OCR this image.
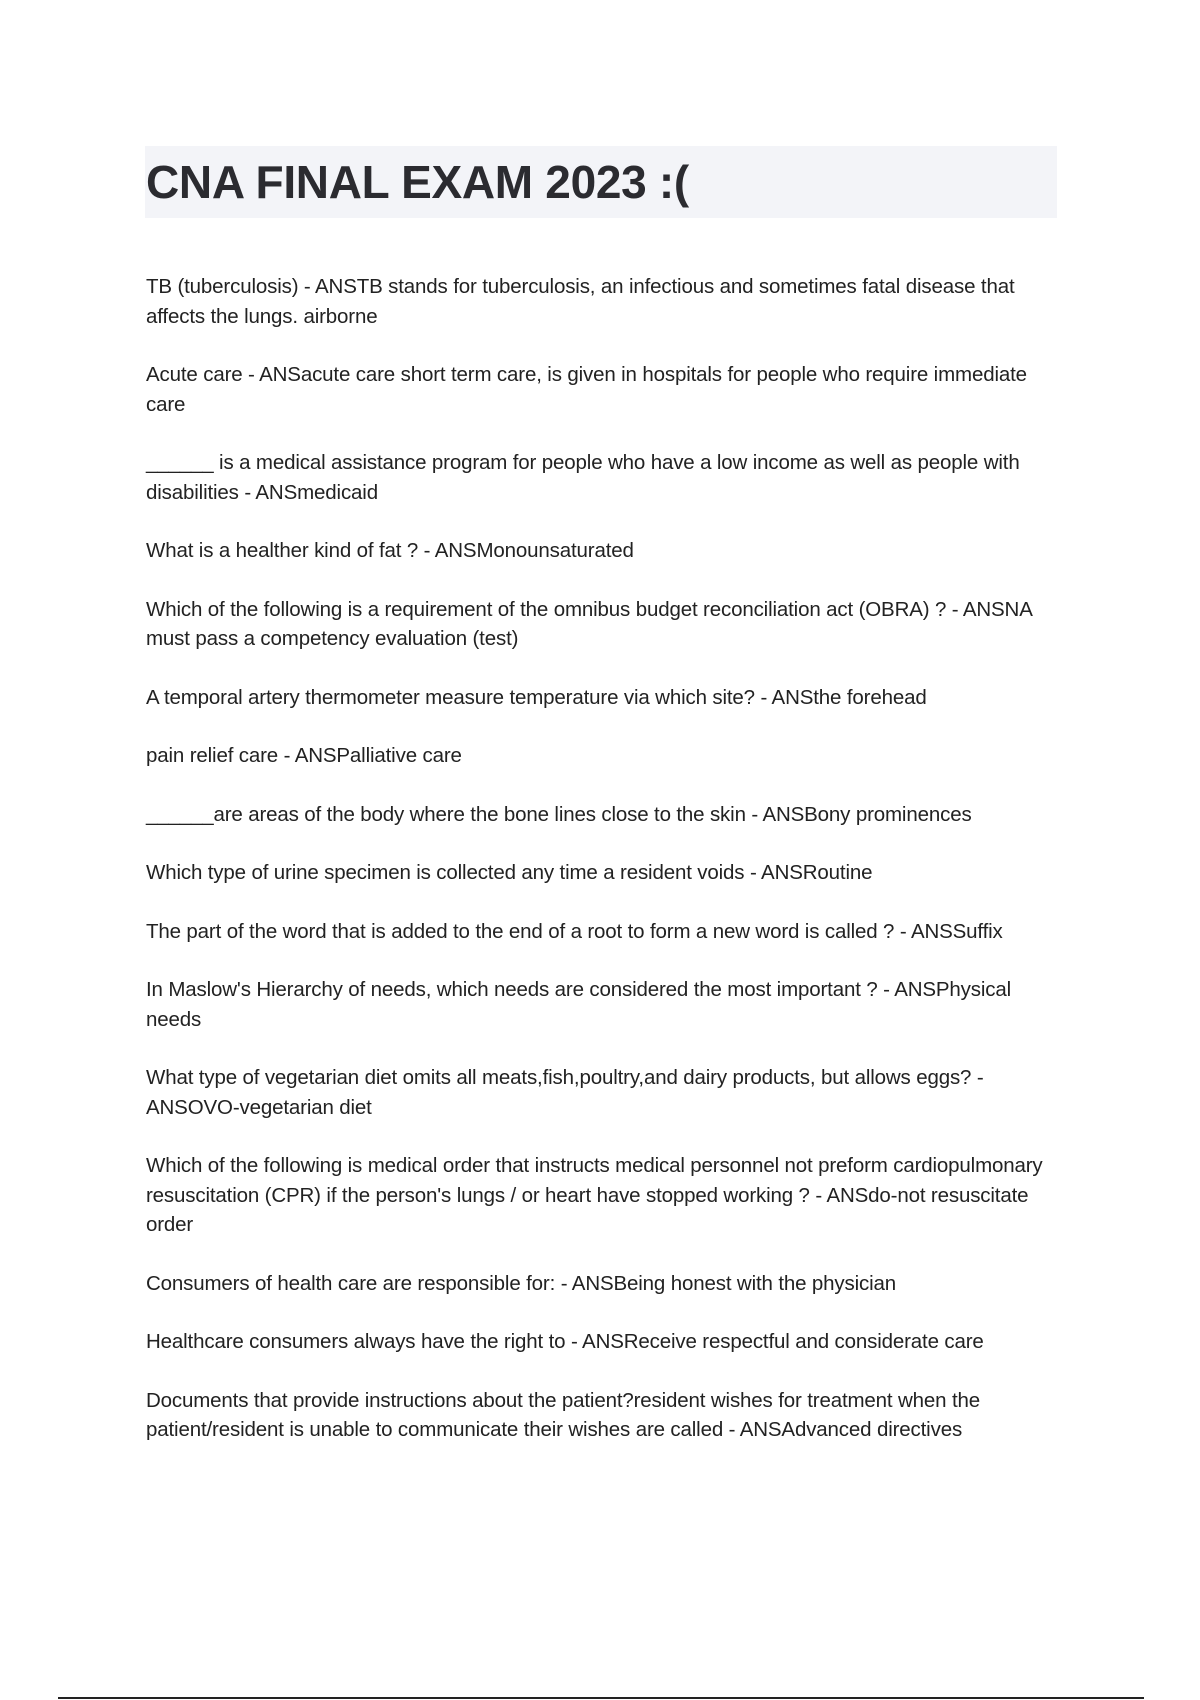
CNA FINAL EXAM 2023 :(
TB (tuberculosis) - ANSTB stands for tuberculosis, an infectious and sometimes fatal disease that affects the lungs. airborne
Acute care - ANSacute care short term care, is given in hospitals for people who require immediate care
______ is a medical assistance program for people who have a low income as well as people with disabilities - ANSmedicaid
What is a healther kind of fat ? - ANSMonounsaturated
Which of the following is a requirement of the omnibus budget reconciliation act (OBRA) ? - ANSNA must pass a competency evaluation (test)
A temporal artery thermometer measure temperature via which site? - ANSthe forehead
pain relief care - ANSPalliative care
______are areas of the body where the bone lines close to the skin - ANSBony prominences
Which type of urine specimen is collected any time a resident voids - ANSRoutine
The part of the word that is added to the end of a root to form a new word is called ? - ANSSuffix
In Maslow's Hierarchy of needs, which needs are considered the most important ? - ANSPhysical needs
What type of vegetarian diet omits all meats,fish,poultry,and dairy products, but allows eggs? - ANSOVO-vegetarian diet
Which of the following is medical order that instructs medical personnel not preform cardiopulmonary resuscitation (CPR) if the person's lungs / or heart have stopped working ? - ANSdo-not resuscitate order
Consumers of health care are responsible for: - ANSBeing honest with the physician
Healthcare consumers always have the right to - ANSReceive respectful and considerate care
Documents that provide instructions about the patient?resident wishes for treatment when the patient/resident is unable to communicate their wishes are called - ANSAdvanced directives
